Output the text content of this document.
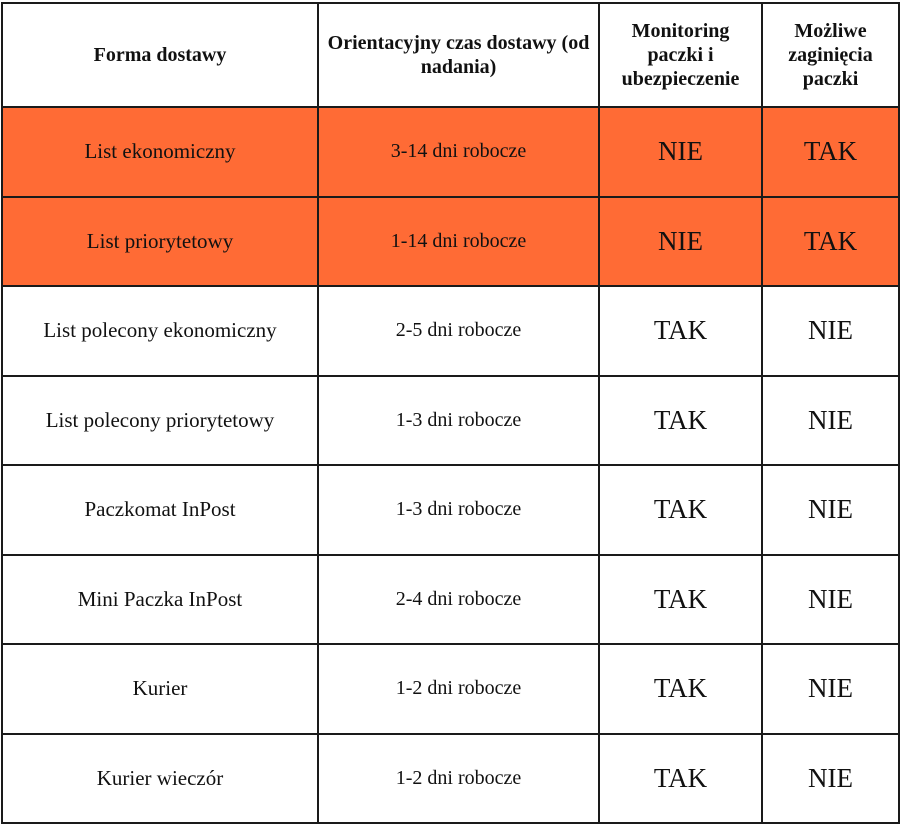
Forma dostawy	Orientacyjny czas dostawy (od nadania)	Monitoring paczki i ubezpieczenie	Możliwe zaginięcia paczki
List ekonomiczny	3-14 dni robocze	NIE	TAK
List priorytetowy	1-14 dni robocze	NIE	TAK
List polecony ekonomiczny	2-5 dni robocze	TAK	NIE
List polecony priorytetowy	1-3 dni robocze	TAK	NIE
Paczkomat InPost	1-3 dni robocze	TAK	NIE
Mini Paczka InPost	2-4 dni robocze	TAK	NIE
Kurier	1-2 dni robocze	TAK	NIE
Kurier wieczór	1-2 dni robocze	TAK	NIE
